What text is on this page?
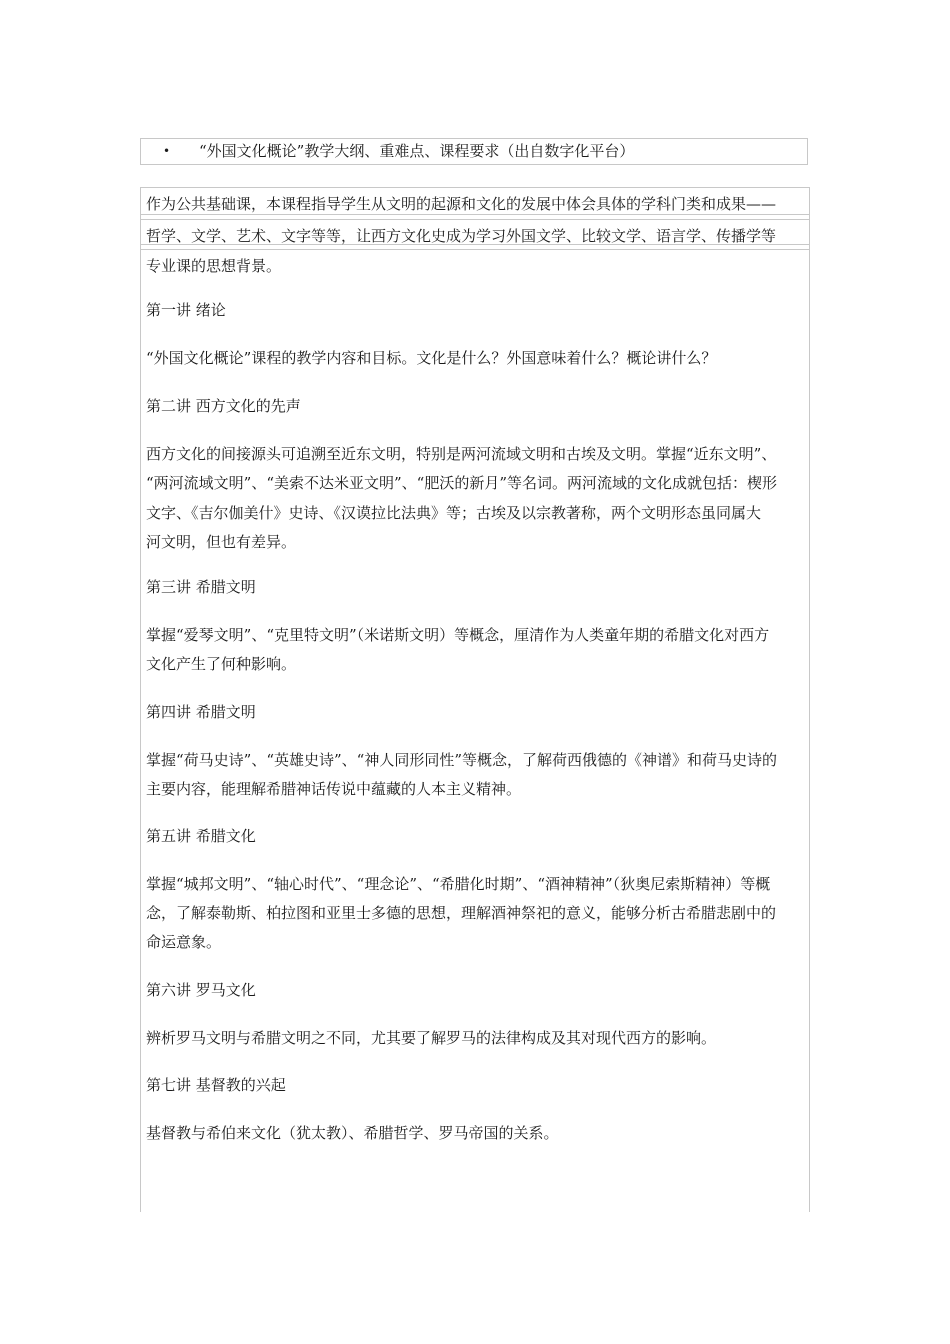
• “外国文化概论”教学大纲、重难点、课程要求（出自数字化平台）
作为公共基础课，本课程指导学生从文明的起源和文化的发展中体会具体的学科门类和成果——
哲学、文学、艺术、文字等等，让西方文化史成为学习外国文学、比较文学、语言学、传播学等
专业课的思想背景。
第一讲 绪论
“外国文化概论”课程的教学内容和目标。文化是什么？外国意味着什么？概论讲什么？
第二讲 西方文化的先声
西方文化的间接源头可追溯至近东文明，特别是两河流域文明和古埃及文明。掌握“近东文明”、
“两河流域文明”、“美索不达米亚文明”、“肥沃的新月”等名词。两河流域的文化成就包括：楔形
文字、《吉尔伽美什》史诗、《汉谟拉比法典》等；古埃及以宗教著称，两个文明形态虽同属大
河文明，但也有差异。
第三讲 希腊文明
掌握“爱琴文明”、“克里特文明”（米诺斯文明）等概念，厘清作为人类童年期的希腊文化对西方
文化产生了何种影响。
第四讲 希腊文明
掌握“荷马史诗”、“英雄史诗”、“神人同形同性”等概念，了解荷西俄德的《神谱》和荷马史诗的
主要内容，能理解希腊神话传说中蕴藏的人本主义精神。
第五讲 希腊文化
掌握“城邦文明”、“轴心时代”、“理念论”、“希腊化时期”、“酒神精神”（狄奥尼索斯精神）等概
念，了解泰勒斯、柏拉图和亚里士多德的思想，理解酒神祭祀的意义，能够分析古希腊悲剧中的
命运意象。
第六讲 罗马文化
辨析罗马文明与希腊文明之不同，尤其要了解罗马的法律构成及其对现代西方的影响。
第七讲 基督教的兴起
基督教与希伯来文化（犹太教）、希腊哲学、罗马帝国的关系。
